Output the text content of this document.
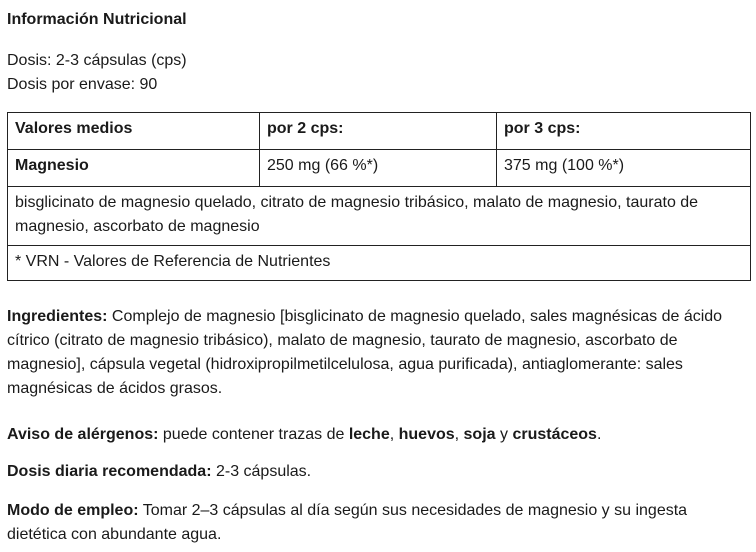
Información Nutricional
Dosis: 2-3 cápsulas (cps)
Dosis por envase: 90
Valores medios	por 2 cps:	por 3 cps:
Magnesio	250 mg (66 %*)	375 mg (100 %*)
bisglicinato de magnesio quelado, citrato de magnesio tribásico, malato de magnesio, taurato de magnesio, ascorbato de magnesio		
* VRN - Valores de Referencia de Nutrientes		
Ingredientes: Complejo de magnesio [bisglicinato de magnesio quelado, sales magnésicas de ácido cítrico (citrato de magnesio tribásico), malato de magnesio, taurato de magnesio, ascorbato de magnesio], cápsula vegetal (hidroxipropilmetilcelulosa, agua purificada), antiaglomerante: sales magnésicas de ácidos grasos.
Aviso de alérgenos: puede contener trazas de leche, huevos, soja y crustáceos.
Dosis diaria recomendada: 2-3 cápsulas.
Modo de empleo: Tomar 2–3 cápsulas al día según sus necesidades de magnesio y su ingesta dietética con abundante agua.
